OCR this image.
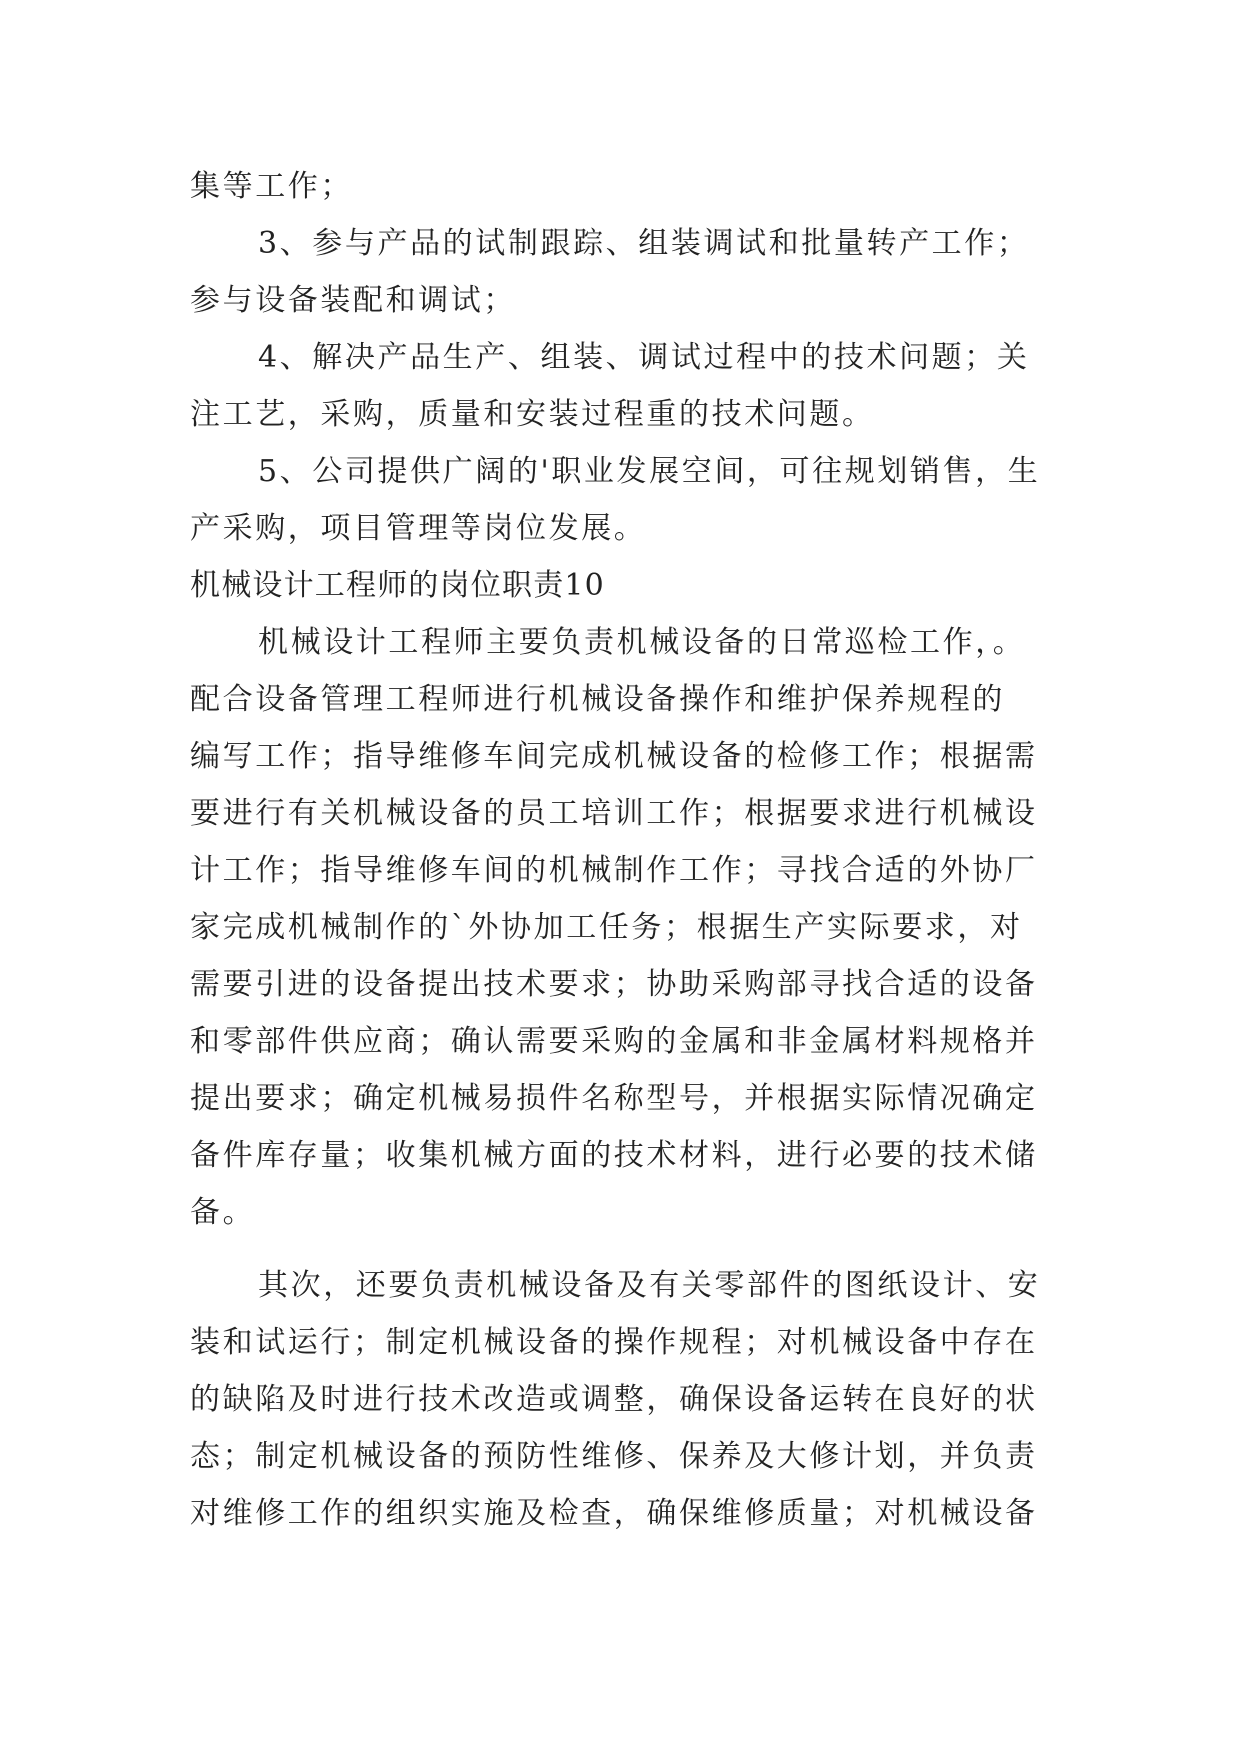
集等工作；
3、参与产品的试制跟踪、组装调试和批量转产工作；
参与设备装配和调试；
4、解决产品生产、组装、调试过程中的技术问题；关
注工艺，采购，质量和安装过程重的技术问题。
5、公司提供广阔的'职业发展空间，可往规划销售，生
产采购，项目管理等岗位发展。
机械设计工程师的岗位职责10
机械设计工程师主要负责机械设备的日常巡检工作，。
配合设备管理工程师进行机械设备操作和维护保养规程的
编写工作；指导维修车间完成机械设备的检修工作；根据需
要进行有关机械设备的员工培训工作；根据要求进行机械设
计工作；指导维修车间的机械制作工作；寻找合适的外协厂
家完成机械制作的`外协加工任务；根据生产实际要求，对
需要引进的设备提出技术要求；协助采购部寻找合适的设备
和零部件供应商；确认需要采购的金属和非金属材料规格并
提出要求；确定机械易损件名称型号，并根据实际情况确定
备件库存量；收集机械方面的技术材料，进行必要的技术储
备。
其次，还要负责机械设备及有关零部件的图纸设计、安
装和试运行；制定机械设备的操作规程；对机械设备中存在
的缺陷及时进行技术改造或调整，确保设备运转在良好的状
态；制定机械设备的预防性维修、保养及大修计划，并负责
对维修工作的组织实施及检查，确保维修质量；对机械设备
